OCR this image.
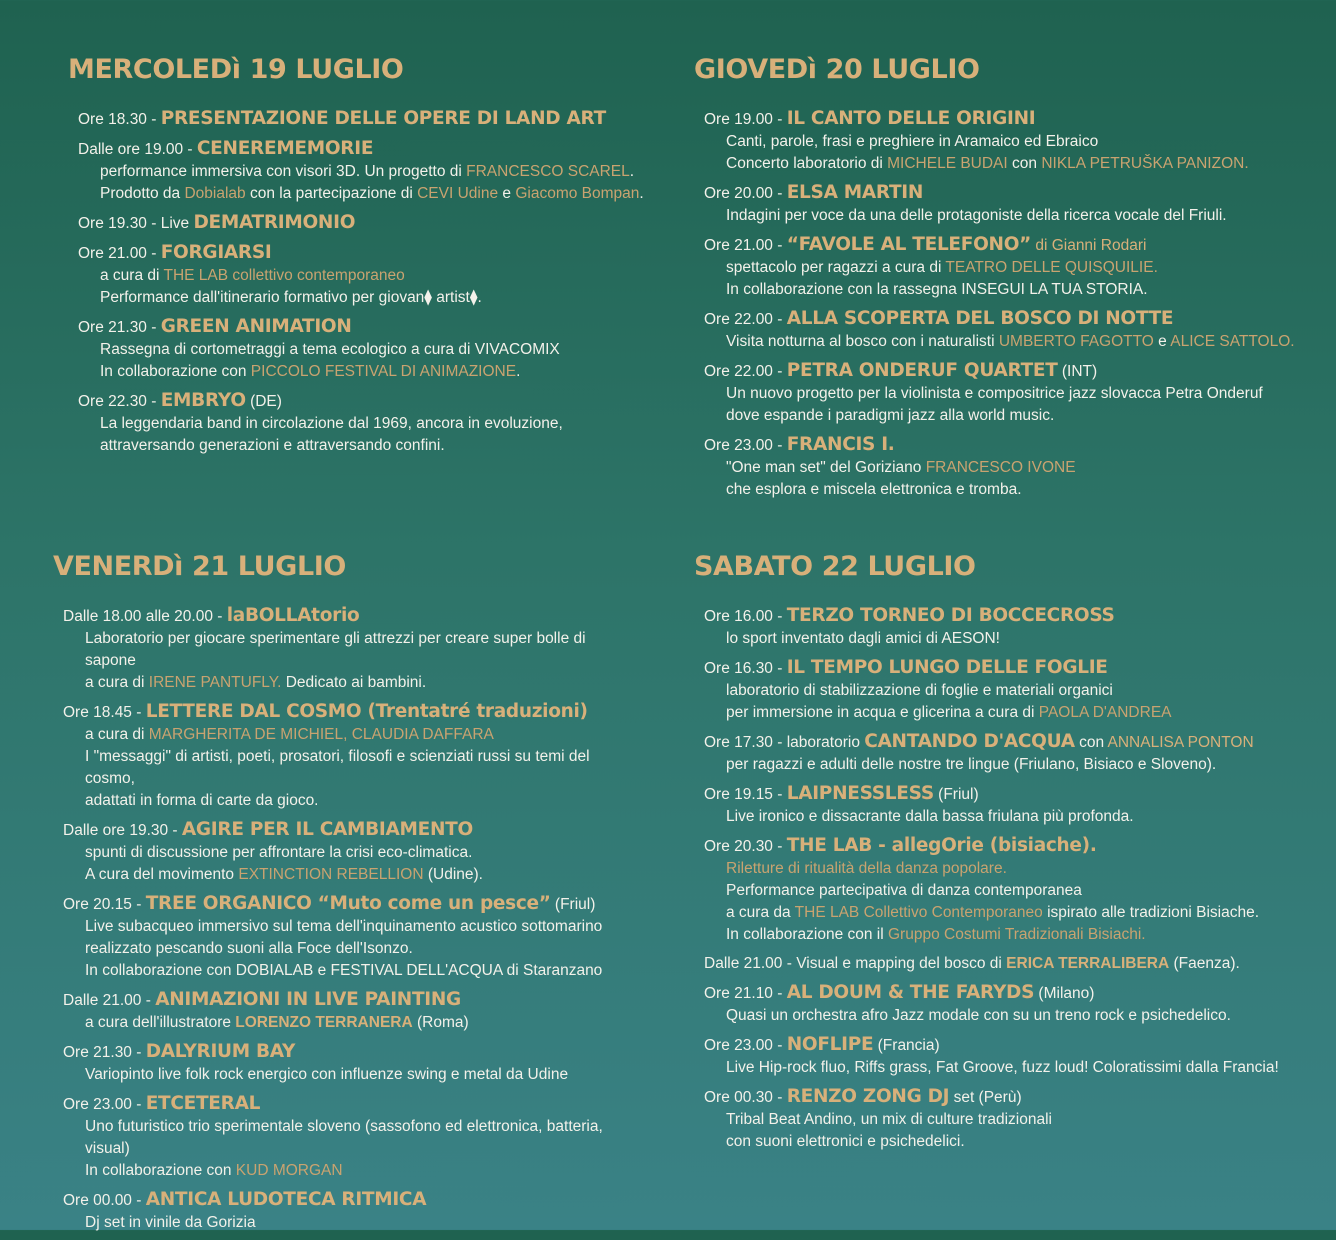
MERCOLEDì 19 LUGLIO
Ore 18.30 - PRESENTAZIONE DELLE OPERE DI LAND ART
Dalle ore 19.00 - CENEREMEMORIE
performance immersiva con visori 3D. Un progetto di FRANCESCO SCAREL.
Prodotto da Dobialab con la partecipazione di CEVI Udine e Giacomo Bompan.
Ore 19.30 - Live DEMATRIMONIO
Ore 21.00 - FORGIARSI
a cura di THE LAB collettivo contemporaneo
Performance dall'itinerario formativo per giovan⧫ artist⧫.
Ore 21.30 - GREEN ANIMATION
Rassegna di cortometraggi a tema ecologico a cura di VIVACOMIX
In collaborazione con PICCOLO FESTIVAL DI ANIMAZIONE.
Ore 22.30 - EMBRYO (DE)
La leggendaria band in circolazione dal 1969, ancora in evoluzione,
attraversando generazioni e attraversando confini.
GIOVEDì 20 LUGLIO
Ore 19.00 - IL CANTO DELLE ORIGINI
Canti, parole, frasi e preghiere in Aramaico ed Ebraico
Concerto laboratorio di MICHELE BUDAI con NIKLA PETRUŠKA PANIZON.
Ore 20.00 - ELSA MARTIN
Indagini per voce da una delle protagoniste della ricerca vocale del Friuli.
Ore 21.00 - “FAVOLE AL TELEFONO” di Gianni Rodari
spettacolo per ragazzi a cura di TEATRO DELLE QUISQUILIE.
In collaborazione con la rassegna INSEGUI LA TUA STORIA.
Ore 22.00 - ALLA SCOPERTA DEL BOSCO DI NOTTE
Visita notturna al bosco con i naturalisti UMBERTO FAGOTTO e ALICE SATTOLO.
Ore 22.00 - PETRA ONDERUF QUARTET (INT)
Un nuovo progetto per la violinista e compositrice jazz slovacca Petra Onderuf
dove espande i paradigmi jazz alla world music.
Ore 23.00 - FRANCIS I.
"One man set" del Goriziano FRANCESCO IVONE
che esplora e miscela elettronica e tromba.
VENERDì 21 LUGLIO
Dalle 18.00 alle 20.00 - laBOLLAtorio
Laboratorio per giocare sperimentare gli attrezzi per creare super bolle di
sapone
a cura di IRENE PANTUFLY. Dedicato ai bambini.
Ore 18.45 - LETTERE DAL COSMO (Trentatré traduzioni)
a cura di MARGHERITA DE MICHIEL, CLAUDIA DAFFARA
I "messaggi" di artisti, poeti, prosatori, filosofi e scienziati russi su temi del
cosmo,
adattati in forma di carte da gioco.
Dalle ore 19.30 - AGIRE PER IL CAMBIAMENTO
spunti di discussione per affrontare la crisi eco-climatica.
A cura del movimento EXTINCTION REBELLION (Udine).
Ore 20.15 - TREE ORGANICO “Muto come un pesce” (Friul)
Live subacqueo immersivo sul tema dell'inquinamento acustico sottomarino
realizzato pescando suoni alla Foce dell'Isonzo.
In collaborazione con DOBIALAB e FESTIVAL DELL'ACQUA di Staranzano
Dalle 21.00 - ANIMAZIONI IN LIVE PAINTING
a cura dell'illustratore LORENZO TERRANERA (Roma)
Ore 21.30 - DALYRIUM BAY
Variopinto live folk rock energico con influenze swing e metal da Udine
Ore 23.00 - ETCETERAL
Uno futuristico trio sperimentale sloveno (sassofono ed elettronica, batteria,
visual)
In collaborazione con KUD MORGAN
Ore 00.00 - ANTICA LUDOTECA RITMICA
Dj set in vinile da Gorizia
SABATO 22 LUGLIO
Ore 16.00 - TERZO TORNEO DI BOCCECROSS
lo sport inventato dagli amici di AESON!
Ore 16.30 - IL TEMPO LUNGO DELLE FOGLIE
laboratorio di stabilizzazione di foglie e materiali organici
per immersione in acqua e glicerina a cura di PAOLA D'ANDREA
Ore 17.30 - laboratorio CANTANDO D'ACQUA con ANNALISA PONTON
per ragazzi e adulti delle nostre tre lingue (Friulano, Bisiaco e Sloveno).
Ore 19.15 - LAIPNESSLESS (Friul)
Live ironico e dissacrante dalla bassa friulana più profonda.
Ore 20.30 - THE LAB - allegOrie (bisiache).
Riletture di ritualità della danza popolare.
Performance partecipativa di danza contemporanea
a cura da THE LAB Collettivo Contemporaneo ispirato alle tradizioni Bisiache.
In collaborazione con il Gruppo Costumi Tradizionali Bisiachi.
Dalle 21.00 - Visual e mapping del bosco di ERICA TERRALIBERA (Faenza).
Ore 21.10 - AL DOUM & THE FARYDS (Milano)
Quasi un orchestra afro Jazz modale con su un treno rock e psichedelico.
Ore 23.00 - NOFLIPE (Francia)
Live Hip-rock fluo, Riffs grass, Fat Groove, fuzz loud! Coloratissimi dalla Francia!
Ore 00.30 - RENZO ZONG DJ set (Perù)
Tribal Beat Andino, un mix di culture tradizionali
con suoni elettronici e psichedelici.
